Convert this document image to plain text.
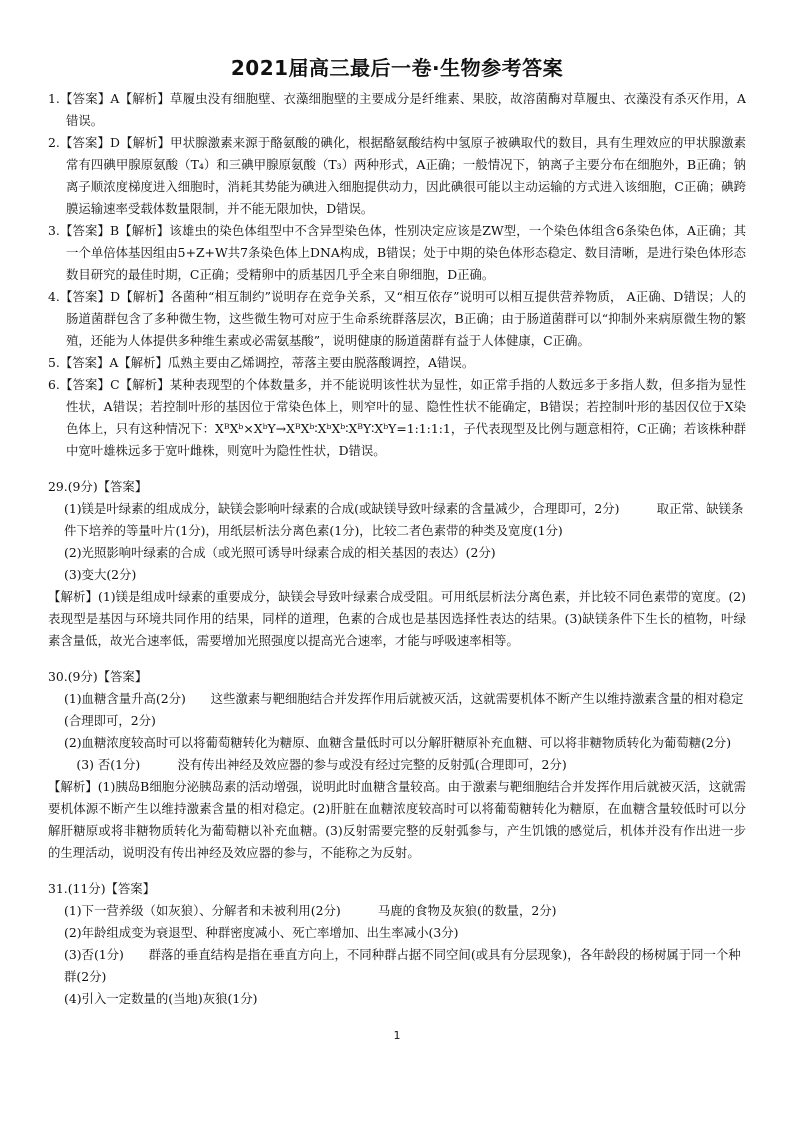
2021届高三最后一卷·生物参考答案
1.【答案】A【解析】草履虫没有细胞壁、衣藻细胞壁的主要成分是纤维素、果胶，故溶菌酶对草履虫、衣藻没有杀灭作用，A错误。
2.【答案】D【解析】甲状腺激素来源于酪氨酸的碘化，根据酪氨酸结构中氢原子被碘取代的数目，具有生理效应的甲状腺激素常有四碘甲腺原氨酸（T₄）和三碘甲腺原氨酸（T₃）两种形式，A正确；一般情况下，钠离子主要分布在细胞外，B正确；钠离子顺浓度梯度进入细胞时，消耗其势能为碘进入细胞提供动力，因此碘很可能以主动运输的方式进入该细胞，C正确；碘跨膜运输速率受载体数量限制，并不能无限加快，D错误。
3.【答案】B【解析】该雄虫的染色体组型中不含异型染色体，性别决定应该是ZW型，一个染色体组含6条染色体，A正确；其一个单倍体基因组由5+Z+W共7条染色体上DNA构成，B错误；处于中期的染色体形态稳定、数目清晰，是进行染色体形态数目研究的最佳时期，C正确；受精卵中的质基因几乎全来自卵细胞，D正确。
4.【答案】D【解析】各菌种“相互制约”说明存在竞争关系，又“相互依存”说明可以相互提供营养物质， A正确、D错误；人的肠道菌群包含了多种微生物，这些微生物可对应于生命系统群落层次，B正确；由于肠道菌群可以“抑制外来病原微生物的繁殖，还能为人体提供多种维生素或必需氨基酸”，说明健康的肠道菌群有益于人体健康，C正确。
5.【答案】A【解析】瓜熟主要由乙烯调控，蒂落主要由脱落酸调控，A错误。
6.【答案】C【解析】某种表现型的个体数量多，并不能说明该性状为显性，如正常手指的人数远多于多指人数，但多指为显性性状，A错误；若控制叶形的基因位于常染色体上，则窄叶的显、隐性性状不能确定，B错误；若控制叶形的基因仅位于X染色体上，只有这种情况下：XᴮXᵇ×XᵇY→XᴮXᵇ∶XᵇXᵇ∶XᴮY∶XᵇY=1:1:1:1，子代表现型及比例与题意相符，C正确；若该株种群中宽叶雄株远多于宽叶雌株，则宽叶为隐性性状，D错误。
29.(9分)【答案】
(1)镁是叶绿素的组成成分，缺镁会影响叶绿素的合成(或缺镁导致叶绿素的含量减少，合理即可，2分)　　　取正常、缺镁条件下培养的等量叶片(1分)，用纸层析法分离色素(1分)，比较二者色素带的种类及宽度(1分)
(2)光照影响叶绿素的合成（或光照可诱导叶绿素合成的相关基因的表达）(2分)
(3)变大(2分)
【解析】(1)镁是组成叶绿素的重要成分，缺镁会导致叶绿素合成受阻。可用纸层析法分离色素，并比较不同色素带的宽度。(2)表现型是基因与环境共同作用的结果，同样的道理，色素的合成也是基因选择性表达的结果。(3)缺镁条件下生长的植物，叶绿素含量低，故光合速率低，需要增加光照强度以提高光合速率，才能与呼吸速率相等。
30.(9分)【答案】
(1)血糖含量升高(2分)　　这些激素与靶细胞结合并发挥作用后就被灭活，这就需要机体不断产生以维持激素含量的相对稳定(合理即可，2分)
(2)血糖浓度较高时可以将葡萄糖转化为糖原、血糖含量低时可以分解肝糖原补充血糖、可以将非糖物质转化为葡萄糖(2分)
　(3) 否(1分)　　　没有传出神经及效应器的参与或没有经过完整的反射弧(合理即可，2分)
【解析】(1)胰岛B细胞分泌胰岛素的活动增强，说明此时血糖含量较高。由于激素与靶细胞结合并发挥作用后就被灭活，这就需要机体源不断产生以维持激素含量的相对稳定。(2)肝脏在血糖浓度较高时可以将葡萄糖转化为糖原，在血糖含量较低时可以分解肝糖原或将非糖物质转化为葡萄糖以补充血糖。(3)反射需要完整的反射弧参与，产生饥饿的感觉后，机体并没有作出进一步的生理活动，说明没有传出神经及效应器的参与，不能称之为反射。
31.(11分)【答案】
(1)下一营养级（如灰狼）、分解者和未被利用(2分)　　　马鹿的食物及灰狼(的数量，2分)
(2)年龄组成变为衰退型、种群密度减小、死亡率增加、出生率减小(3分)
(3)否(1分)　　群落的垂直结构是指在垂直方向上，不同种群占据不同空间(或具有分层现象)，各年龄段的杨树属于同一个种群(2分)
(4)引入一定数量的(当地)灰狼(1分)
1
